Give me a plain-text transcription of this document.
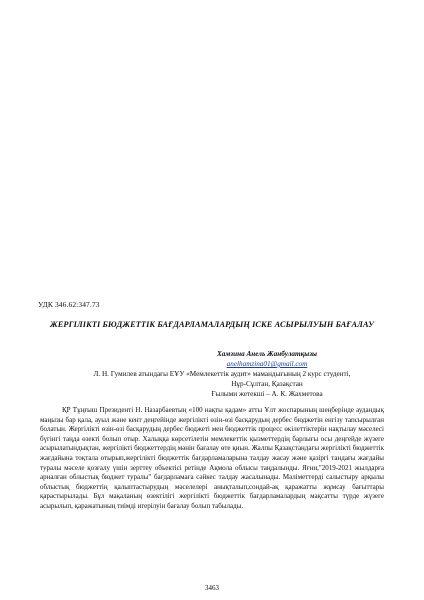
УДК 346.62:347.73
ЖЕРГІЛІКТІ БЮДЖЕТТІК БАҒДАРЛАМАЛАРДЫҢ ІСКЕ АСЫРЫЛУЫН БАҒАЛАУ
Хамзина Анель Жанбулатқызы
anelhamzina01@gmail.com
Л. Н. Гумилев атындағы ЕҰУ «Мемлекеттік аудит» мамандығының 2 курс студенті,
Нұр-Сұлтан, Қазақстан
Ғылыми жетекші – А. К. Жахметова

ҚР Тұңғыш Президенті Н. Назарбаевтың «100 нақты қадам» атты Ұлт жоспарының шеңберінде аудандық маңызы бар қала, ауыл және кент деңгейінде жергілікті өзін-өзі басқарудың дербес бюджетін енгізу тапсырылған болатын. Жергілікті өзін-өзі басқарудың дербес бюджеті мен бюджеттік процесс өкілеттіктерін нақтылау мәселесі бүгінгі таңда өзекті болып отыр. Халыққа көрсетілетін мемлекеттік қызметтердің барлығы осы деңгейде жүзеге асырылатындықтан, жергілікті бюджеттердің мәнін бағалау өте қиын. Жалпы Қазақстандағы жергілікті бюджеттік жағдайына тоқтала отырып,жергілікті бюджеттік бағдарламаларына талдау жасау және қазіргі тандағы жағдайы туралы мәселе қозғалу үшін зерттеу объектісі ретінде Ақмола облысы таңдалынды. Яғни,"2019-2021 жылдарға арналған облыстық бюджет туралы" бағдарламаға сәйкес талдау жасалынады. Мәліметтерді салыстыру арқылы облыстық бюджеттің қалыптастырудың мәселелері анықталып,сондай-ақ қаражатты жұмсау бағыттары қарастырылады. Бұл мақаланың өзектілігі жергілікті бюджеттік бағдарламалардың мақсатты түрде жүзеге асырылып, қаражатының тиімді игерілуін бағалау болып табылады.

3463
